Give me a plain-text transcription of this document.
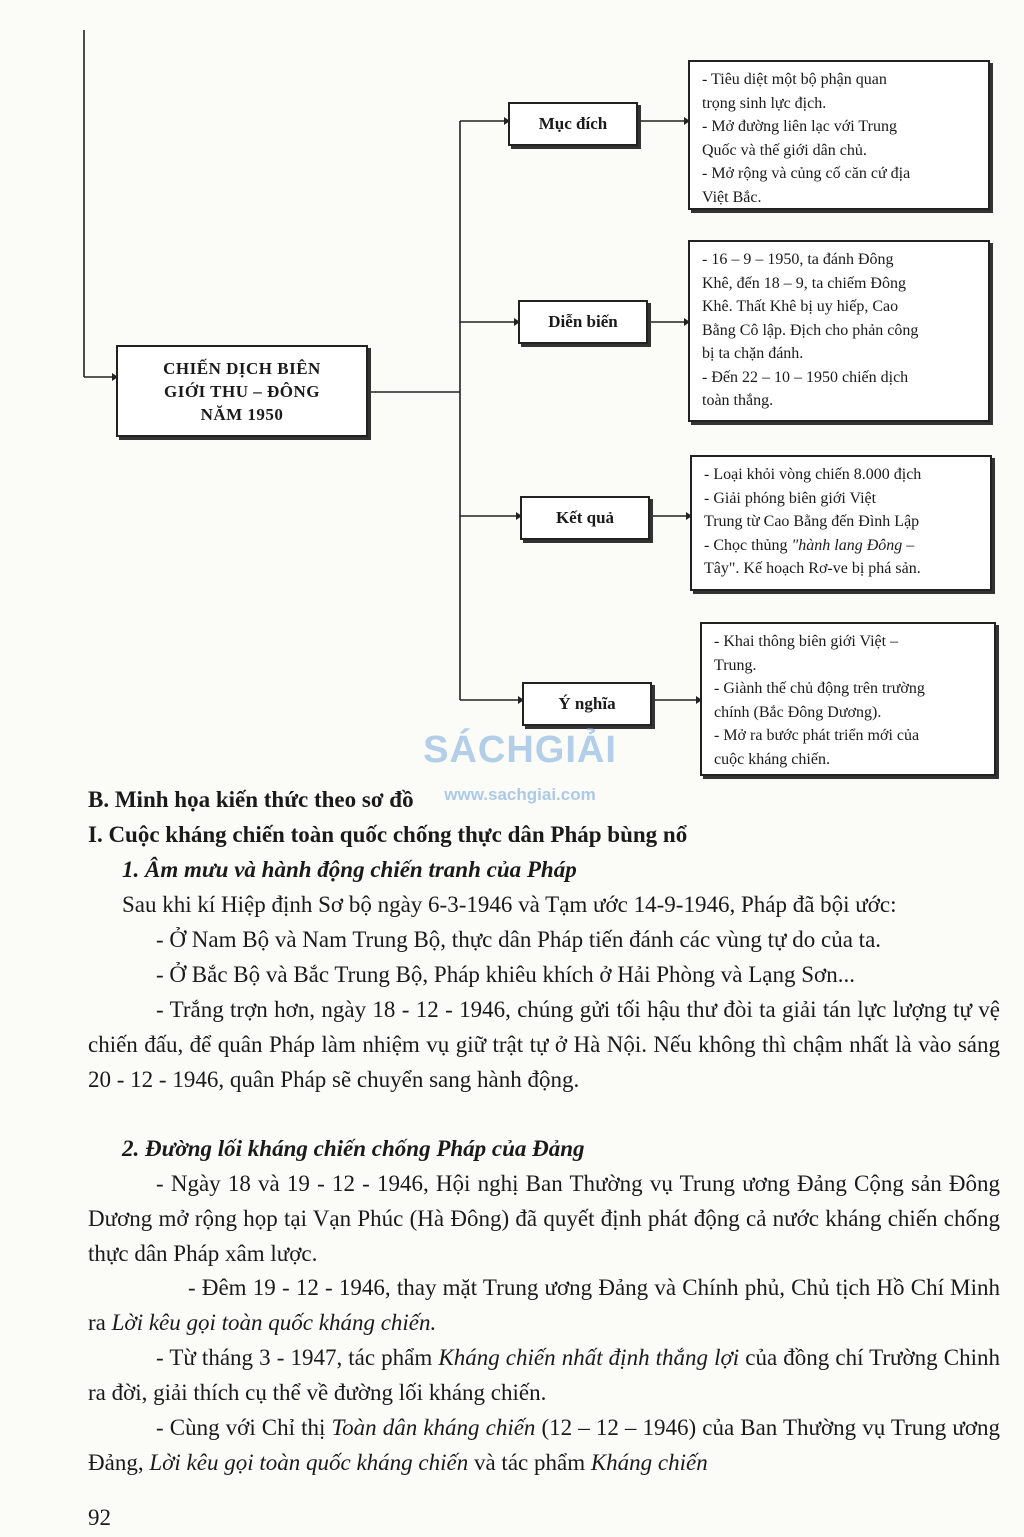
CHIẾN DỊCH BIÊN
GIỚI THU – ĐÔNG
NĂM 1950
Mục đích
Diễn biến
Kết quả
Ý nghĩa
- Tiêu diệt một bộ phận quan
trọng sinh lực địch.
- Mở đường liên lạc với Trung
Quốc và thế giới dân chủ.
- Mở rộng và củng cố căn cứ địa
Việt Bắc.
- 16 – 9 – 1950, ta đánh Đông
Khê, đến 18 – 9, ta chiếm Đông
Khê. Thất Khê bị uy hiếp, Cao
Bằng Cô lập. Địch cho phản công
bị ta chặn đánh.
- Đến 22 – 10 – 1950 chiến dịch
toàn thắng.
- Loại khỏi vòng chiến 8.000 địch
- Giải phóng biên giới Việt
Trung từ Cao Bằng đến Đình Lập
- Chọc thủng "hành lang Đông –
Tây". Kế hoạch Rơ-ve bị phá sản.
- Khai thông biên giới Việt –
Trung.
- Giành thế chủ động trên trường
chính (Bắc Đông Dương).
- Mở ra bước phát triển mới của
cuộc kháng chiến.
SÁCHGIẢI
www.sachgiai.com
B. Minh họa kiến thức theo sơ đồ
I. Cuộc kháng chiến toàn quốc chống thực dân Pháp bùng nổ
1. Âm mưu và hành động chiến tranh của Pháp
Sau khi kí Hiệp định Sơ bộ ngày 6-3-1946 và Tạm ước 14-9-1946, Pháp đã bội ước:
- Ở Nam Bộ và Nam Trung Bộ, thực dân Pháp tiến đánh các vùng tự do của ta.
- Ở Bắc Bộ và Bắc Trung Bộ, Pháp khiêu khích ở Hải Phòng và Lạng Sơn...
- Trắng trợn hơn, ngày 18 - 12 - 1946, chúng gửi tối hậu thư đòi ta giải tán lực lượng tự vệ chiến đấu, để quân Pháp làm nhiệm vụ giữ trật tự ở Hà Nội. Nếu không thì chậm nhất là vào sáng 20 - 12 - 1946, quân Pháp sẽ chuyển sang hành động.
2. Đường lối kháng chiến chống Pháp của Đảng
- Ngày 18 và 19 - 12 - 1946, Hội nghị Ban Thường vụ Trung ương Đảng Cộng sản Đông Dương mở rộng họp tại Vạn Phúc (Hà Đông) đã quyết định phát động cả nước kháng chiến chống thực dân Pháp xâm lược.
- Đêm 19 - 12 - 1946, thay mặt Trung ương Đảng và Chính phủ, Chủ tịch Hồ Chí Minh ra Lời kêu gọi toàn quốc kháng chiến.
- Từ tháng 3 - 1947, tác phẩm Kháng chiến nhất định thắng lợi của đồng chí Trường Chinh ra đời, giải thích cụ thể về đường lối kháng chiến.
- Cùng với Chỉ thị Toàn dân kháng chiến (12 – 12 – 1946) của Ban Thường vụ Trung ương Đảng, Lời kêu gọi toàn quốc kháng chiến và tác phẩm Kháng chiến
92
